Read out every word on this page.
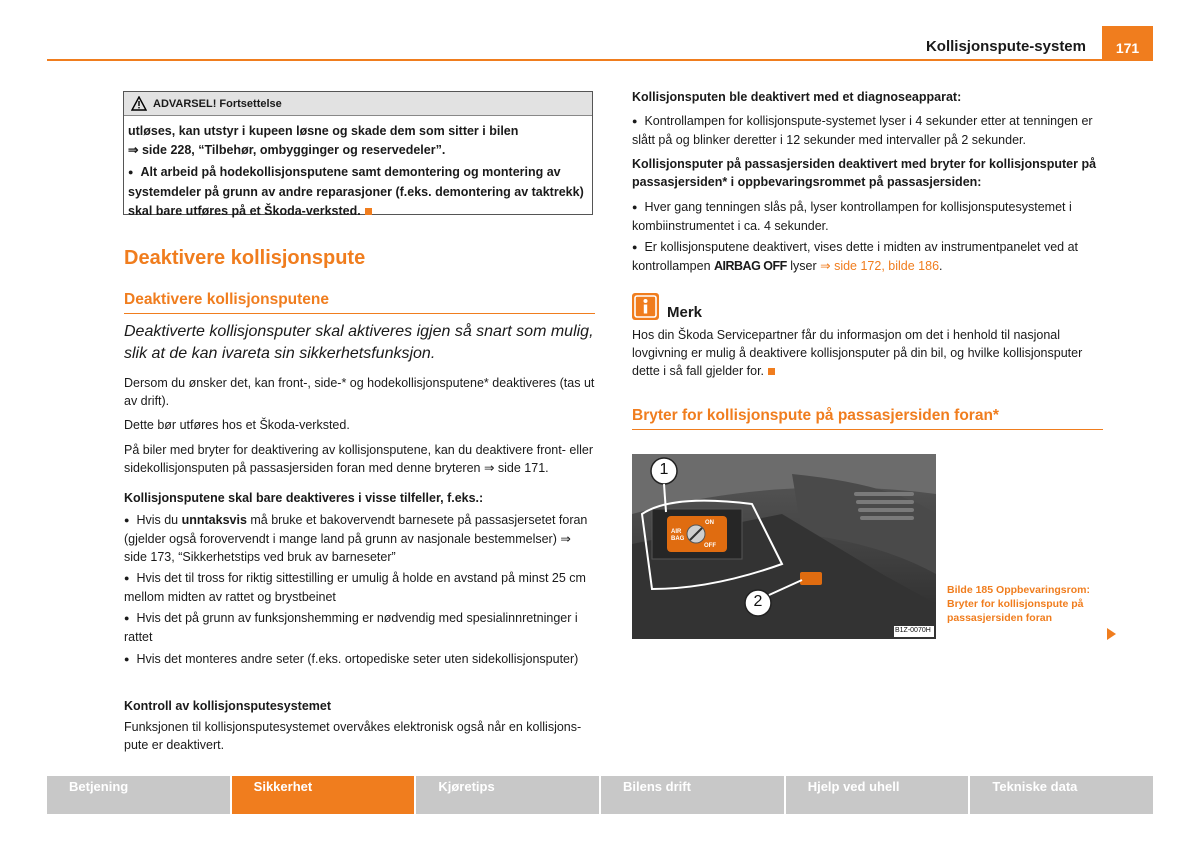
Kollisjonspute-system	171
ADVARSEL! Fortsettelse

utløses, kan utstyr i kupeen løsne og skade dem som sitter i bilen

⇒ side 228, “Tilbehør, ombygginger og reservedeler”.

● Alt arbeid på hodekollisjonsputene samt demontering og montering av systemdeler på grunn av andre reparasjoner (f.eks. demontering av taktrekk) skal bare utføres på et Škoda-verksted.

Deaktivere kollisjonspute
Deaktivere kollisjonsputene
Deaktiverte kollisjonsputer skal aktiveres igjen så snart som mulig, slik at de kan ivareta sin sikkerhetsfunksjon.

Dersom du ønsker det, kan front-, side-* og hodekollisjonsputene* deaktiveres (tas ut av drift).

Dette bør utføres hos et Škoda-verksted.

På biler med bryter for deaktivering av kollisjonsputene, kan du deaktivere front- eller sidekollisjonsputen på passasjersiden foran med denne bryteren ⇒ side 171.

Kollisjonsputene skal bare deaktiveres i visse tilfeller, f.eks.:

● Hvis du unntaksvis må bruke et bakovervendt barnesete på passasjersetet foran (gjelder også forovervendt i mange land på grunn av nasjonale bestemmelser) ⇒ side 173, “Sikkerhetstips ved bruk av barneseter”

● Hvis det til tross for riktig sittestilling er umulig å holde en avstand på minst 25 cm mellom midten av rattet og brystbeinet

● Hvis det på grunn av funksjonshemming er nødvendig med spesialinnretninger i rattet

● Hvis det monteres andre seter (f.eks. ortopediske seter uten sidekollisjonsputer)

Kontroll av kollisjonsputesystemet

Funksjonen til kollisjonsputesystemet overvåkes elektronisk også når en kollisjonspute er deaktivert.

Kollisjonsputen ble deaktivert med et diagnoseapparat:

● Kontrollampen for kollisjonspute-systemet lyser i 4 sekunder etter at tenningen er slått på og blinker deretter i 12 sekunder med intervaller på 2 sekunder.

Kollisjonsputer på passasjersiden deaktivert med bryter for kollisjonsputer på passasjersiden* i oppbevaringsrommet på passasjersiden:

● Hver gang tenningen slås på, lyser kontrollampen for kollisjonsputesystemet i kombiinstrumentet i ca. 4 sekunder.

● Er kollisjonsputene deaktivert, vises dette i midten av instrumentpanelet ved at kontrollampen AIRBAG OFF lyser ⇒ side 172, bilde 186.

Merk

Hos din Škoda Servicepartner får du informasjon om det i henhold til nasjonal lovgivning er mulig å deaktivere kollisjonsputer på din bil, og hvilke kollisjonsputer dette i så fall gjelder for.

Bryter for kollisjonspute på passasjersiden foran*
1
2
ON
AIR
BAG
OFF
B1Z-0070H
Bilde 185 Oppbevaringsrom: Bryter for kollisjonspute på passasjersiden foran
Betjening	Sikkerhet	Kjøretips	Bilens drift	Hjelp ved uhell	Tekniske data
